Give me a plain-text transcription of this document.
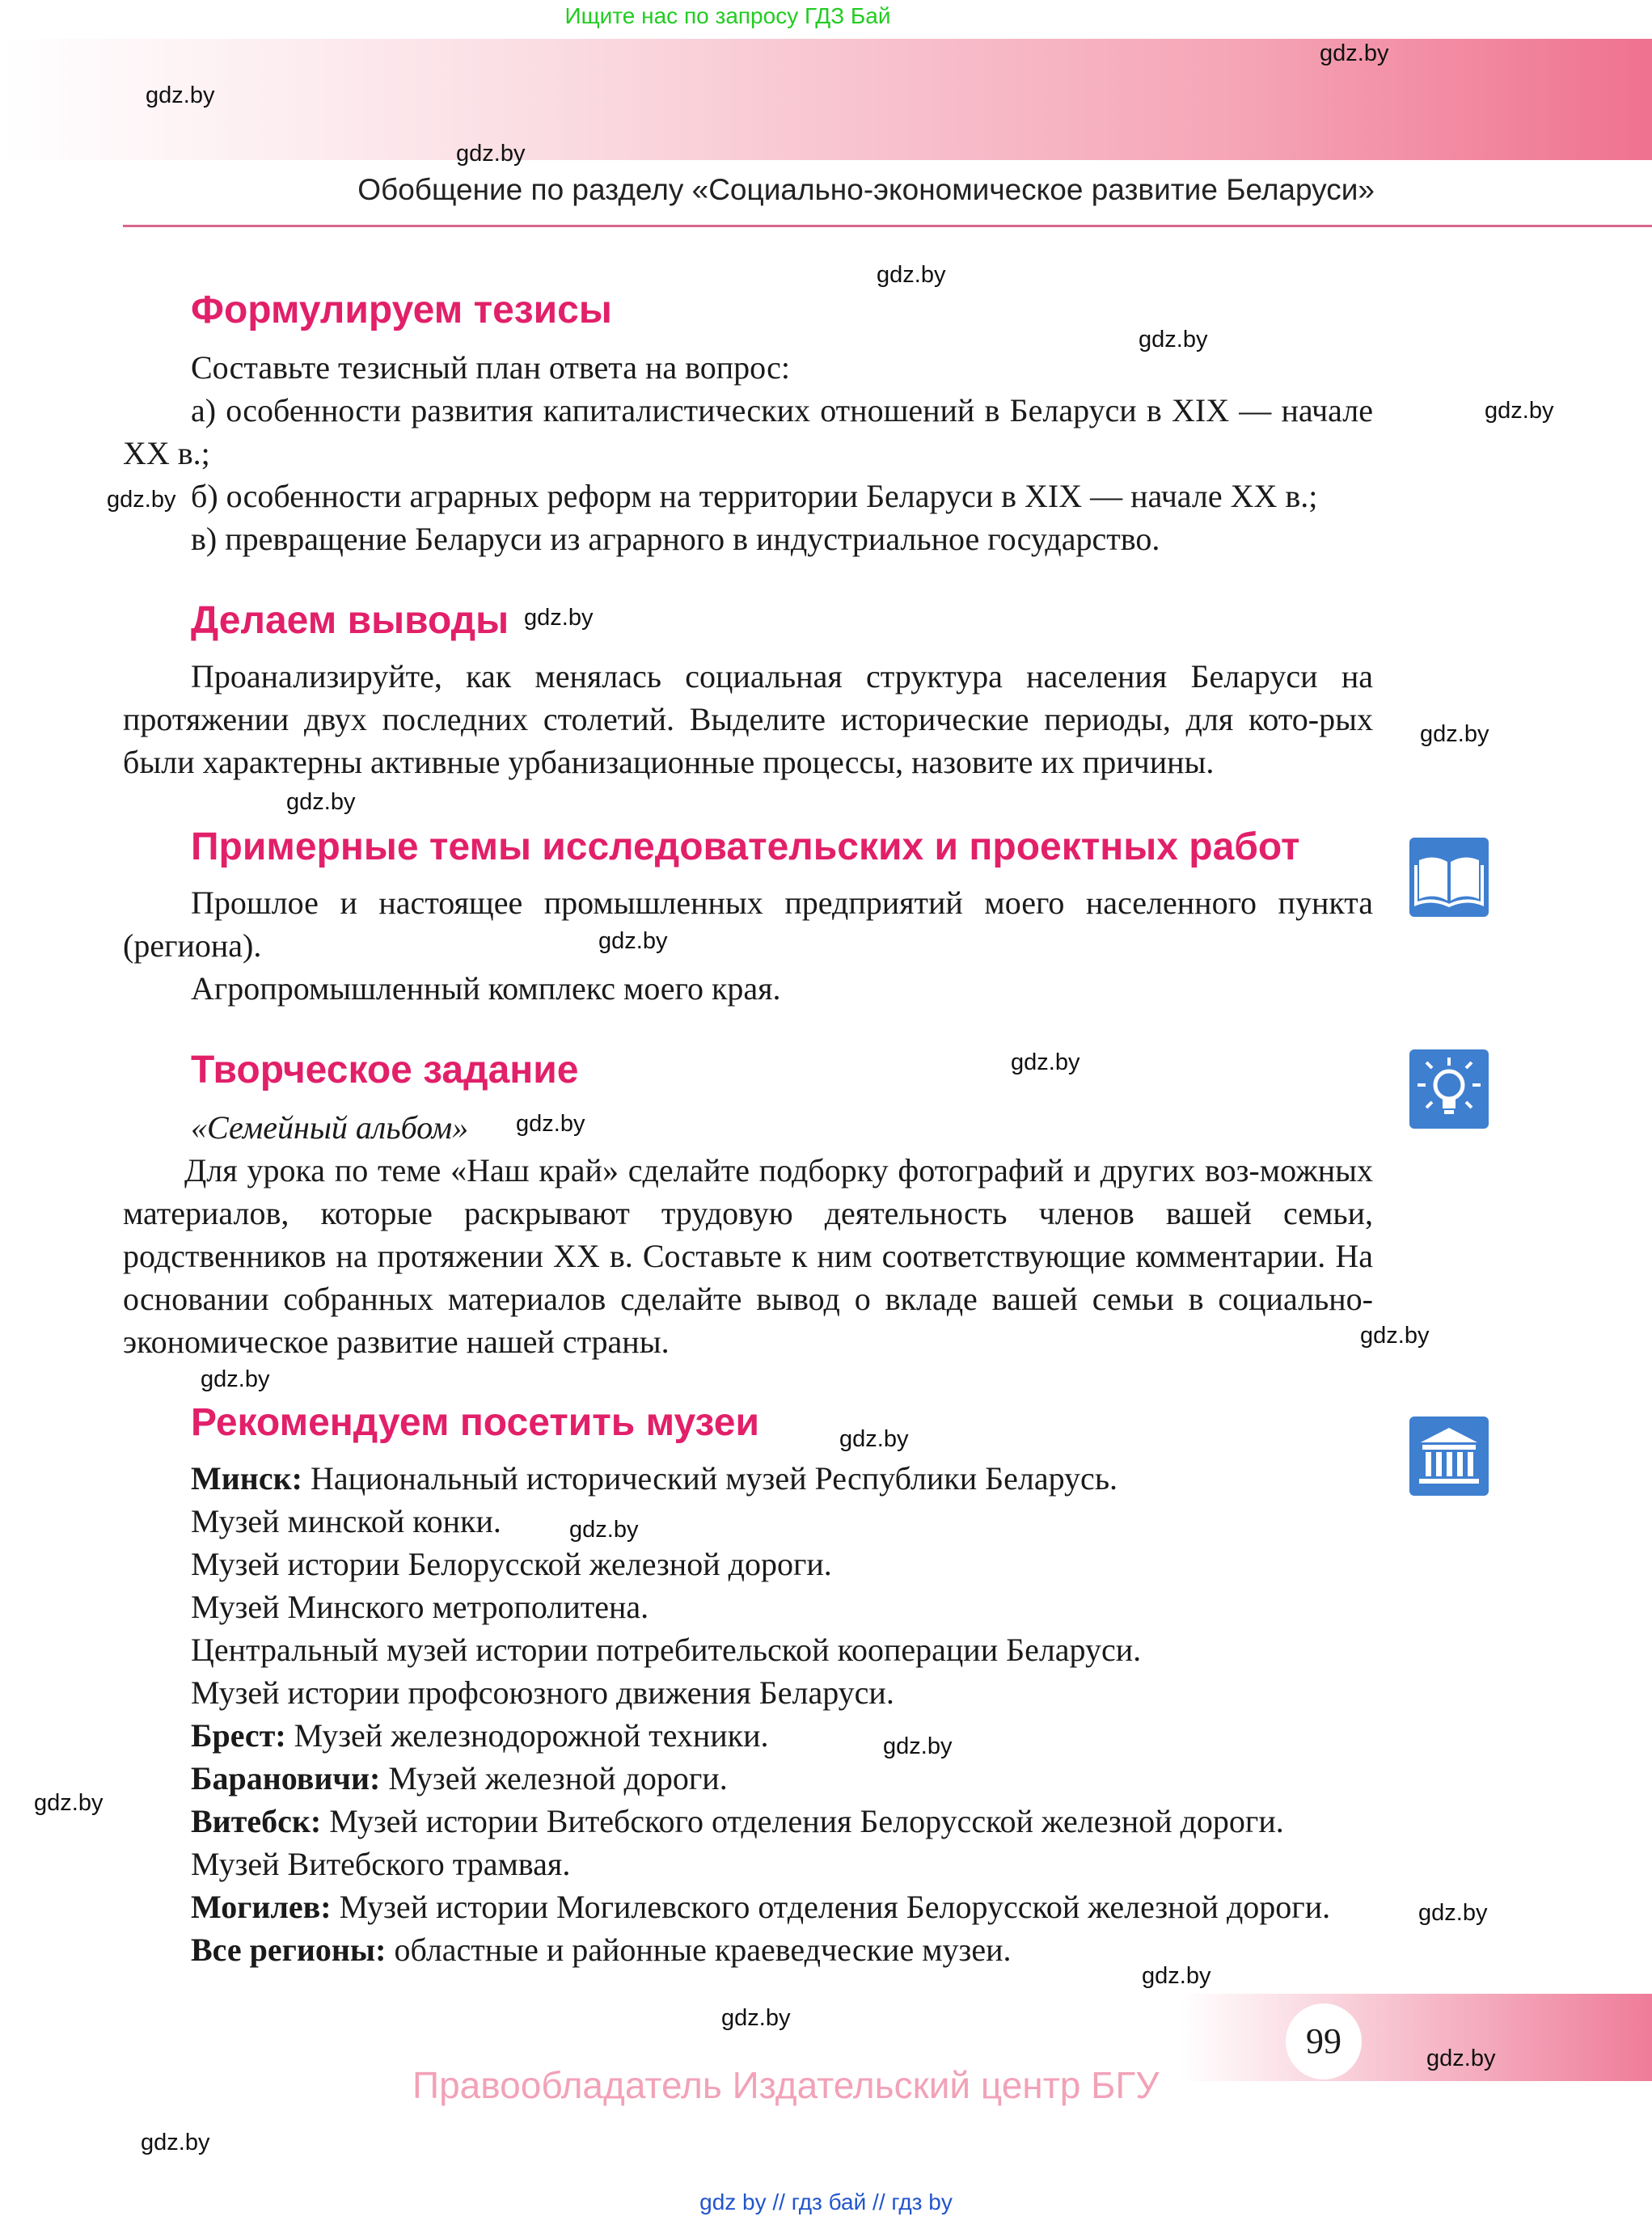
Ищите нас по запросу ГДЗ Бай
Обобщение по разделу «Социально-экономическое развитие Беларуси»
Формулируем тезисы
Составьте тезисный план ответа на вопрос:
а) особенности развития капиталистических отношений в Беларуси в XIX — начале XX в.;
б) особенности аграрных реформ на территории Беларуси в XIX — начале XX в.;
в) превращение Беларуси из аграрного в индустриальное государство.
Делаем выводы
Проанализируйте, как менялась социальная структура населения Беларуси на протяжении двух последних столетий. Выделите исторические периоды, для кото-рых были характерны активные урбанизационные процессы, назовите их причины.
Примерные темы исследовательских и проектных работ
Прошлое и настоящее промышленных предприятий моего населенного пункта (региона).
Агропромышленный комплекс моего края.
Творческое задание
«Семейный альбом»
Для урока по теме «Наш край» сделайте подборку фотографий и других воз-можных материалов, которые раскрывают трудовую деятельность членов вашей семьи, родственников на протяжении XX в. Составьте к ним соответствующие комментарии. На основании собранных материалов сделайте вывод о вкладе вашей семьи в социально-экономическое развитие нашей страны.
Рекомендуем посетить музеи
Минск: Национальный исторический музей Республики Беларусь.
Музей минской конки.
Музей истории Белорусской железной дороги.
Музей Минского метрополитена.
Центральный музей истории потребительской кооперации Беларуси.
Музей истории профсоюзного движения Беларуси.
Брест: Музей железнодорожной техники.
Барановичи: Музей железной дороги.
Витебск: Музей истории Витебского отделения Белорусской железной дороги.
Музей Витебского трамвая.
Могилев: Музей истории Могилевского отделения Белорусской железной дороги.
Все регионы: областные и районные краеведческие музеи.
99
Правообладатель Издательский центр БГУ
gdz by // гдз бай // гдз by
gdz.by
gdz.by
gdz.by
gdz.by
gdz.by
gdz.by
gdz.by
gdz.by
gdz.by
gdz.by
gdz.by
gdz.by
gdz.by
gdz.by
gdz.by
gdz.by
gdz.by
gdz.by
gdz.by
gdz.by
gdz.by
gdz.by
gdz.by
gdz.by
